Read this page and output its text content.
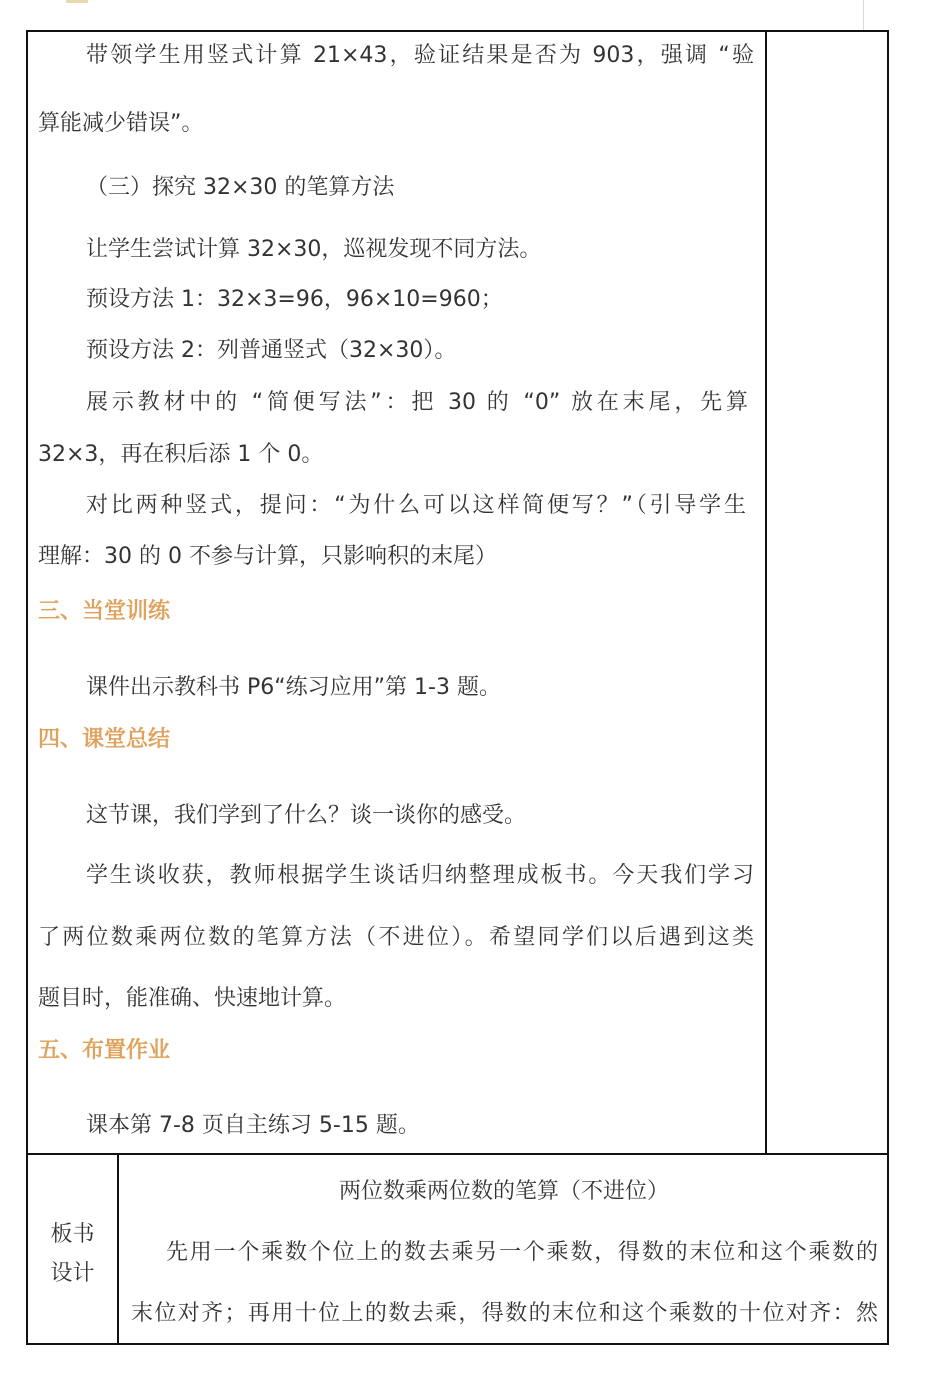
带领学生用竖式计算 21×43，验证结果是否为 903，强调 “验
算能减少错误”。
（三）探究 32×30 的笔算方法
让学生尝试计算 32×30，巡视发现不同方法。
预设方法 1：32×3=96，96×10=960；
预设方法 2：列普通竖式（32×30）。
展示教材中的 “简便写法”：把 30 的 “0” 放在末尾，先算
32×3，再在积后添 1 个 0。
对比两种竖式，提问：“为什么可以这样简便写？”（引导学生
理解：30 的 0 不参与计算，只影响积的末尾）
三、当堂训练
课件出示教科书 P6“练习应用”第 1-3 题。
四、课堂总结
这节课，我们学到了什么？谈一谈你的感受。
学生谈收获，教师根据学生谈话归纳整理成板书。今天我们学习
了两位数乘两位数的笔算方法（不进位）。希望同学们以后遇到这类
题目时，能准确、快速地计算。
五、布置作业
课本第 7-8 页自主练习 5-15 题。
板书
设计
两位数乘两位数的笔算（不进位）
先用一个乘数个位上的数去乘另一个乘数，得数的末位和这个乘数的
末位对齐；再用十位上的数去乘，得数的末位和这个乘数的十位对齐：然
